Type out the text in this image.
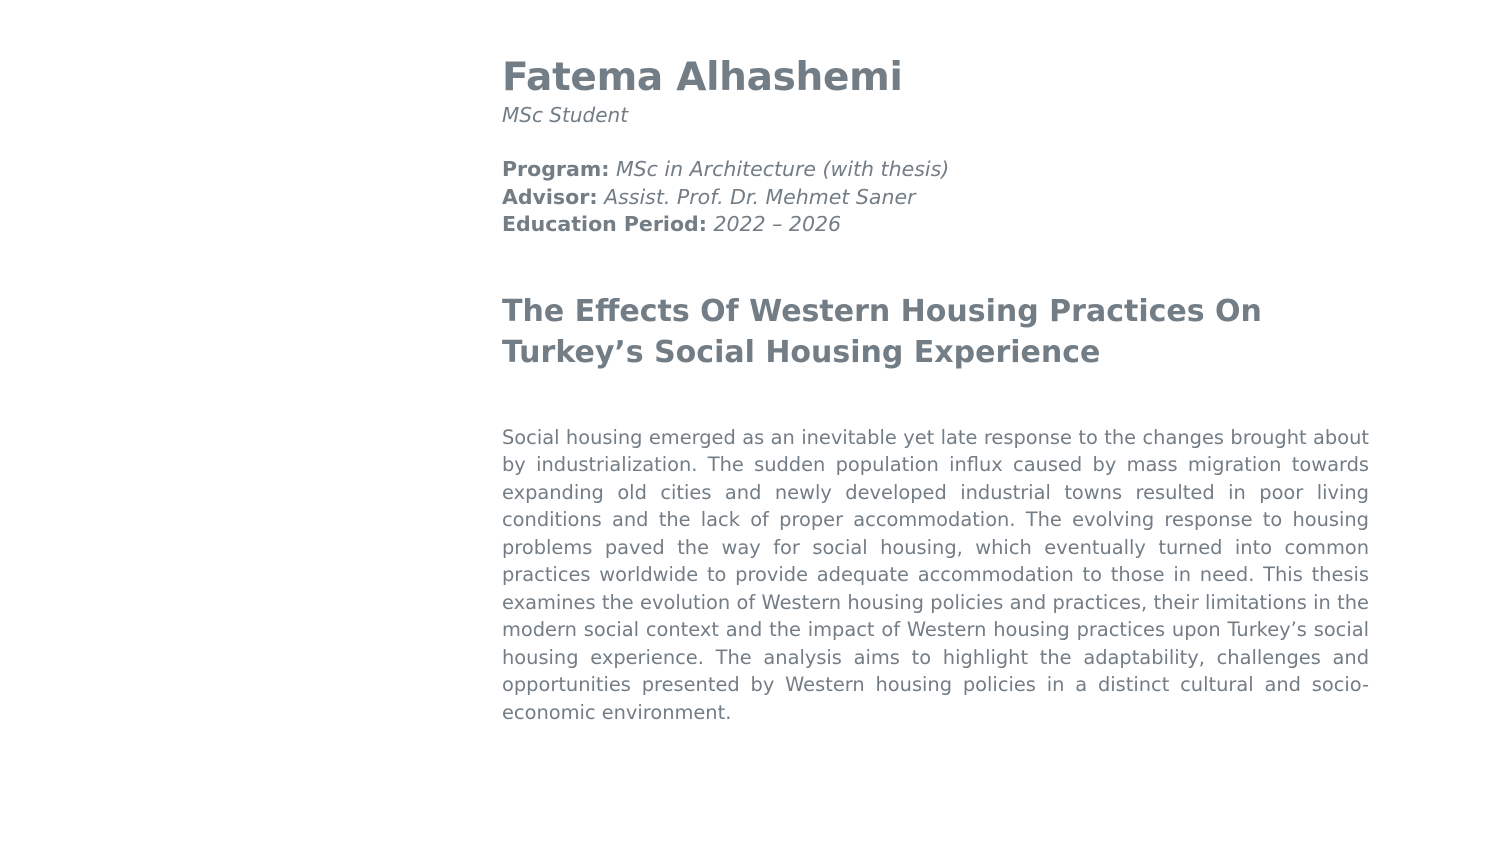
Fatema Alhashemi
MSc Student
Program: MSc in Architecture (with thesis)
Advisor: Assist. Prof. Dr. Mehmet Saner
Education Period: 2022 – 2026
The Effects Of Western Housing Practices On Turkey’s Social Housing Experience

Social housing emerged as an inevitable yet late response to the changes brought about by industrialization. The sudden population influx caused by mass migration towards expanding old cities and newly developed industrial towns resulted in poor living conditions and the lack of proper accommodation. The evolving response to housing problems paved the way for social housing, which eventually turned into common practices worldwide to provide adequate accommodation to those in need. This thesis examines the evolution of Western housing policies and practices, their limitations in the modern social context and the impact of Western housing practices upon Turkey’s social housing experience. The analysis aims to highlight the adaptability, challenges and opportunities presented by Western housing policies in a distinct cultural and socio-economic environment.
